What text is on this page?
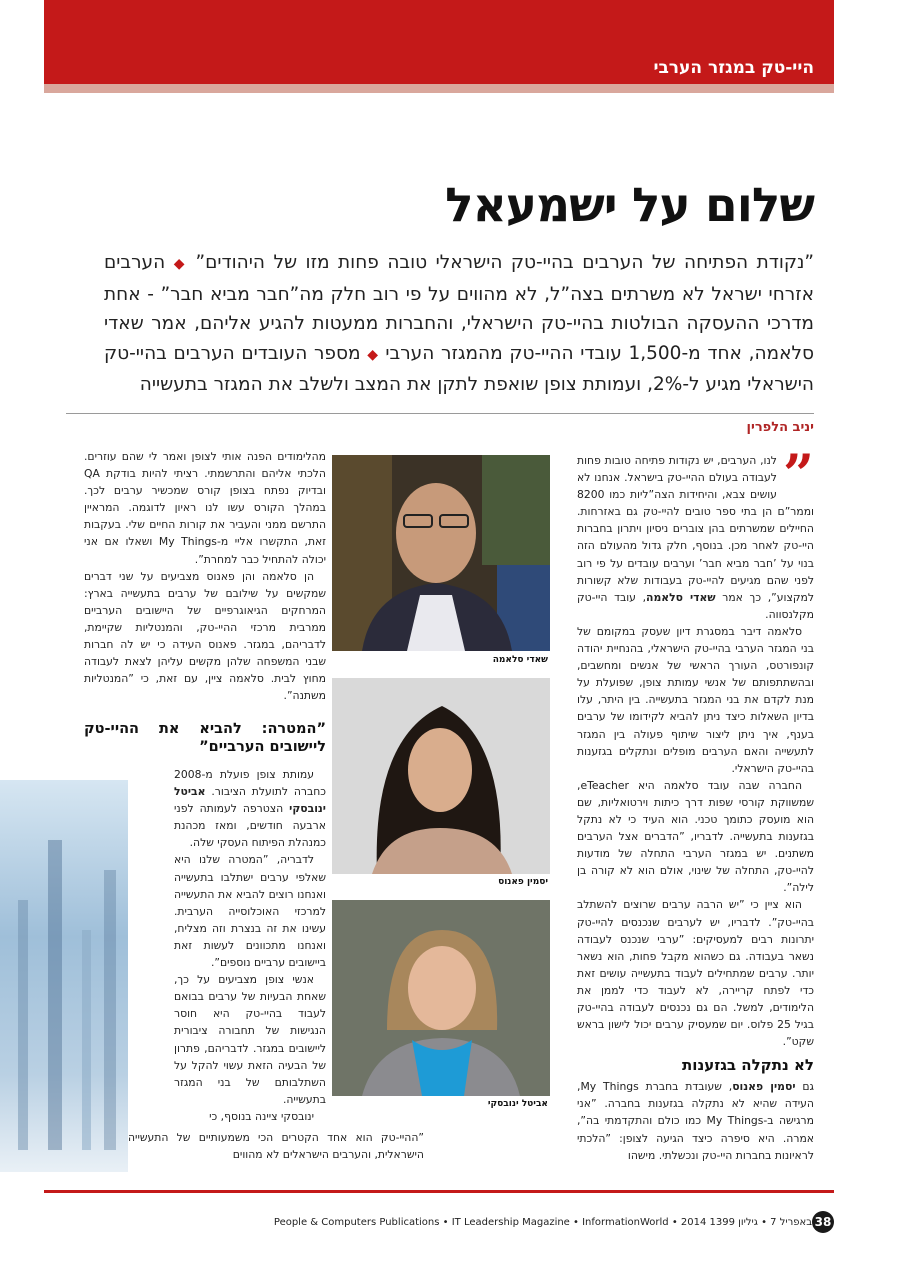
היי-טק במגזר הערבי
שלום על ישמעאל
”נקודת הפתיחה של הערבים בהיי-טק הישראלי טובה פחות מזו של היהודים” ◆ הערבים אזרחי ישראל לא משרתים בצה”ל, לא מהווים על פי רוב חלק מה”חבר מביא חבר” - אחת מדרכי ההעסקה הבולטות בהיי-טק הישראלי, והחברות ממעטות להגיע אליהם, אמר שאדי סלאמה, אחד מ-1,500 עובדי ההיי-טק מהמגזר הערבי ◆ מספר העובדים הערבים בהיי-טק הישראלי מגיע ל-2%, ועמותת צופן שואפת לתקן את המצב ולשלב את המגזר בתעשייה
יניב הלפרין
”

לנו, הערבים, יש נקודות פתיחה טובות פחות לעבודה בעולם ההיי-טק בישראל. אנחנו לא עושים צבא, והיחידות הצה”ליות כמו 8200 וממר”ם הן בתי ספר טובים להיי-טק גם באזרחות. החיילים שמשרתים בהן צוברים ניסיון ויתרון בחברות היי-טק לאחר מכן. בנוסף, חלק גדול מהעולם הזה בנוי על ’חבר מביא חבר’ וערבים עובדים על פי רוב לפני שהם מגיעים להיי-טק בעבודות שלא קשורות למקצוע”, כך אמר שאדי סלאמה, עובד היי-טק מקלנסווה.

סלאמה דיבר במסגרת דיון שעסק במקומם של בני המגזר הערבי בהיי-טק הישראלי, בהנחיית יהודה קונפורטס, העורך הראשי של אנשים ומחשבים, ובהשתתפותם של אנשי עמותת צופן, שפועלת על מנת לקדם את בני המגזר בתעשייה. בין היתר, עלו בדיון השאלות כיצד ניתן להביא לקידומו של ערבים בענף, איך ניתן ליצור שיתוף פעולה בין המגזר לתעשייה והאם הערבים מופלים ונתקלים בגזענות בהיי-טק הישראלי.

החברה שבה עובד סלאמה היא eTeacher, שמשווקת קורסי שפות דרך כיתות וירטואליות, שם הוא מועסק כתומך טכני. הוא העיד כי לא נתקל בגזענות בתעשייה. לדבריו, ”הדברים אצל הערבים משתנים. יש במגזר הערבי התחלה של מודעות להיי-טק, התחלה של שינוי, אולם הוא לא קורה בן לילה”.

הוא ציין כי ”יש הרבה ערבים שרוצים להשתלב בהיי-טק”. לדבריו, יש לערבים שנכנסים להיי-טק יתרונות רבים למעסיקים: ”ערבי שנכנס לעבודה נשאר בעבודה. גם כשהוא מקבל פחות, הוא נשאר יותר. ערבים שמתחילים לעבוד בתעשייה עושים זאת כדי לפתח קריירה, לא לעבוד כדי לממן את הלימודים, למשל. הם גם נכנסים לעבודה בהיי-טק בגיל 25 פלוס. יום שמעסיק ערבים יכול לישון בראש שקט”.

לא נתקלה בגזענות

גם יסמין פאנוס, שעובדת בחברת My Things, העידה שהיא לא נתקלה בגזענות בחברה. ”אני מרגישה ב-My Things כמו כולם והתקדמתי בה”, אמרה. היא סיפרה כיצד הגיעה לצופן: ”הלכתי לראיונות בחברות היי-טק ונכשלתי. מישהו

שאדי סלאמה
יסמין פאנוס
אביטל ינובסקי

מהלימודים הפנה אותי לצופן ואמר לי שהם עוזרים. הלכתי אליהם והתרשמתי. רציתי להיות בודקת QA ובדיוק נפתח בצופן קורס שמכשיר ערבים לכך. במהלך הקורס עשו לנו ראיון לדוגמה. המראיין התרשם ממני והעביר את קורות החיים שלי. בעקבות זאת, התקשרו אליי מ-My Things ושאלו אם אני יכולה להתחיל כבר למחרת”.

הן סלאמה והן פאנוס מצביעים על שני דברים שמקשים על שילובם של ערבים בתעשייה בארץ: המרחקים הגיאוגרפיים של היישובים הערביים ממרבית מרכזי ההיי-טק, והמנטליות שקיימת, לדבריהם, במגזר. פאנוס העידה כי יש לה חברות שבני המשפחה שלהן מקשים עליהן לצאת לעבודה מחוץ לבית. סלאמה ציין, עם זאת, כי ”המנטליות משתנה”.

”המטרה: להביא את ההיי-טק ליישובים הערביים”

עמותת צופן פועלת מ-2008 כחברה לתועלת הציבור. אביטל ינובסקי הצטרפה לעמותה לפני ארבעה חודשים, ומאז מכהנת כמנהלת הפיתוח העסקי שלה.

לדבריה, ”המטרה שלנו היא שאלפי ערבים ישתלבו בתעשייה ואנחנו רוצים להביא את התעשייה למרכזי האוכלוסייה הערבית. עשינו את זה בנצרת וזה מצליח, ואנחנו מתכוונים לעשות זאת ביישובים ערביים נוספים”.

אנשי צופן מצביעים על כך, שאחת הבעיות של ערבים בבואם לעבוד בהיי-טק היא חוסר הנגישות של תחבורה ציבורית ליישובים במגזר. לדבריהם, פתרון של הבעיה הזאת עשוי להקל על השתלבותם של בני המגזר בתעשייה.

ינובסקי ציינה בנוסף, כי

”ההיי-טק הוא אחד הקטרים הכי משמעותיים של התעשייה הישראלית, והערבים הישראלים לא מהווים

People & Computers Publications • IT Leadership Magazine • InformationWorld • 2014 באפריל 7 • גיליון 1399 38
